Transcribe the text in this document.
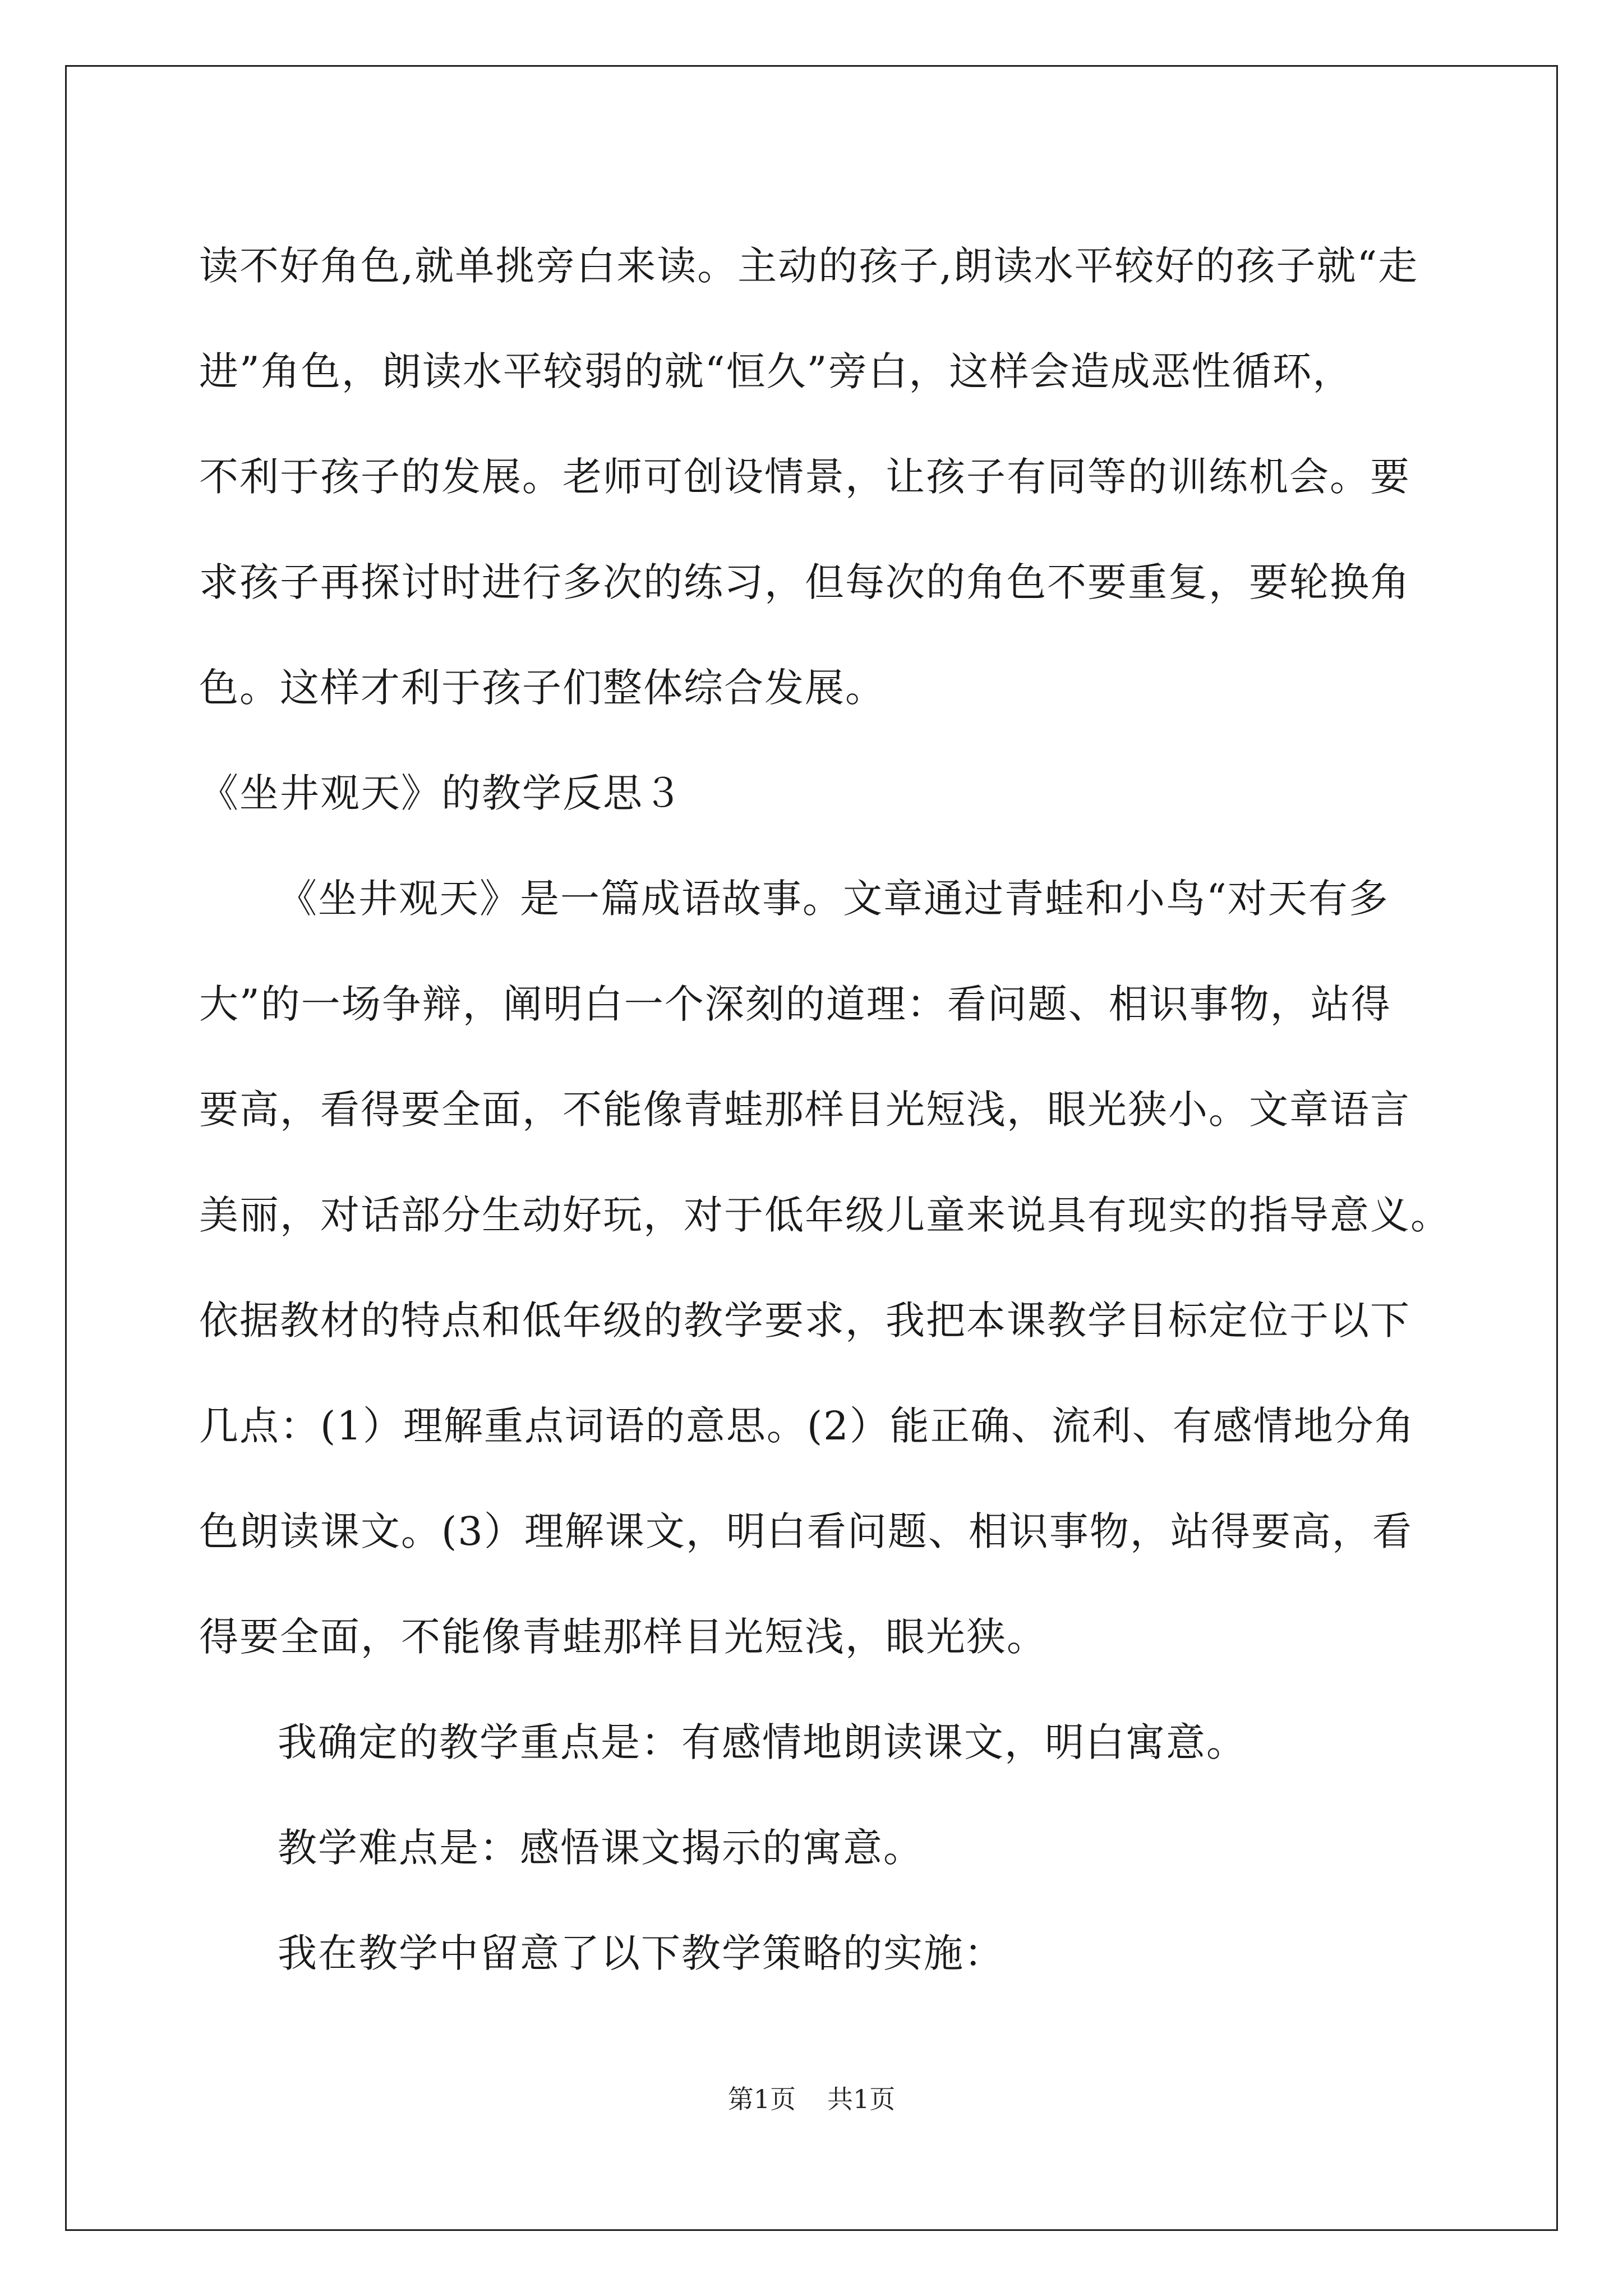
读不好角色,就单挑旁白来读。主动的孩子,朗读水平较好的孩子就“走
进”角色，朗读水平较弱的就“恒久”旁白，这样会造成恶性循环，
不利于孩子的发展。老师可创设情景，让孩子有同等的训练机会。要
求孩子再探讨时进行多次的练习，但每次的角色不要重复，要轮换角
色。这样才利于孩子们整体综合发展。
《坐井观天》的教学反思３
《坐井观天》是一篇成语故事。文章通过青蛙和小鸟“对天有多
大”的一场争辩，阐明白一个深刻的道理：看问题、相识事物，站得
要高，看得要全面，不能像青蛙那样目光短浅，眼光狭小。文章语言
美丽，对话部分生动好玩，对于低年级儿童来说具有现实的指导意义。
依据教材的特点和低年级的教学要求，我把本课教学目标定位于以下
几点：(1）理解重点词语的意思。(2）能正确、流利、有感情地分角
色朗读课文。(3）理解课文，明白看问题、相识事物，站得要高，看
得要全面，不能像青蛙那样目光短浅，眼光狭。
我确定的教学重点是：有感情地朗读课文，明白寓意。
教学难点是：感悟课文揭示的寓意。
我在教学中留意了以下教学策略的实施：
第1页 共1页
